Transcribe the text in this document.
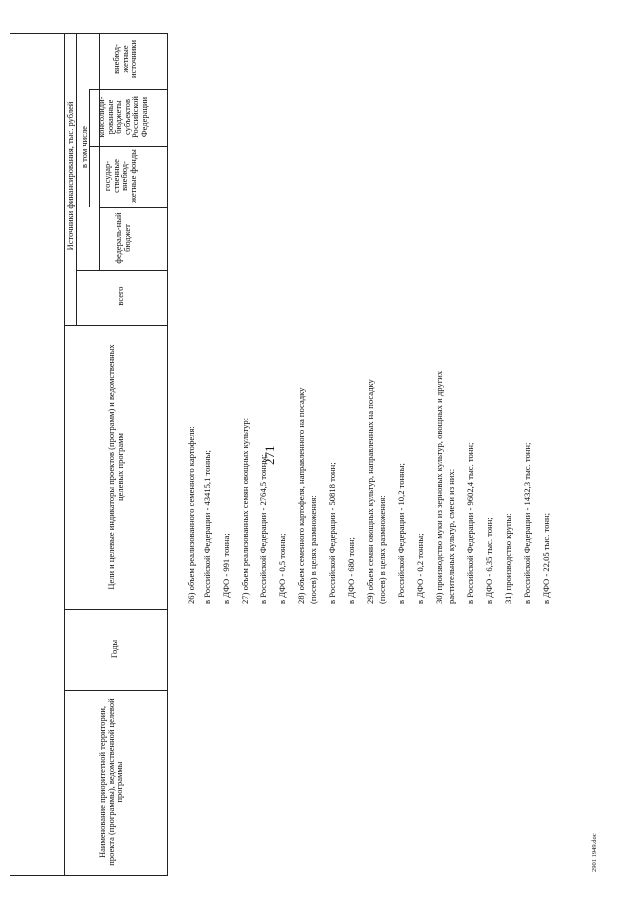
271
Наименование приоритетной территории, проекта (программы), ведомственной целевой программы
Годы
Цели и целевые индикаторы проектов (программ) и ведомственных целевых программ
Источники финансирования, тыс. рублей
всего
в том числе
федераль-ный бюджет
государ-ственные внебюд-жетные фонды
консолиди-рованные бюджеты субъектов Российской Федерации
внебюд-жетные источники
26) объем реализованного семенного картофеля: в Российской Федерации - 43415,1 тонны; в ДФО - 991 тонна; 27) объем реализованных семян овощных культур: в Российской Федерации - 2764,5 тонны; в ДФО - 0,5 тонны; 28) объем семенного картофеля, направленного на посадку (посев) в целях размножения: в Российской Федерации - 50818 тонн; в ДФО - 680 тонн; 29) объем семян овощных культур, направленных на посадку (посев) в целях размножения: в Российской Федерации - 10,2 тонны; в ДФО - 0,2 тонны; 30) производство муки из зерновых культур, овощных и других растительных культур, смеси из них: в Российской Федерации - 9602,4 тыс. тонн; в ДФО - 6,35 тыс. тонн; 31) производство крупы: в Российской Федерации - 1432,3 тыс. тонн; в ДФО - 22,05 тыс. тонн;
2901 1949.doc
